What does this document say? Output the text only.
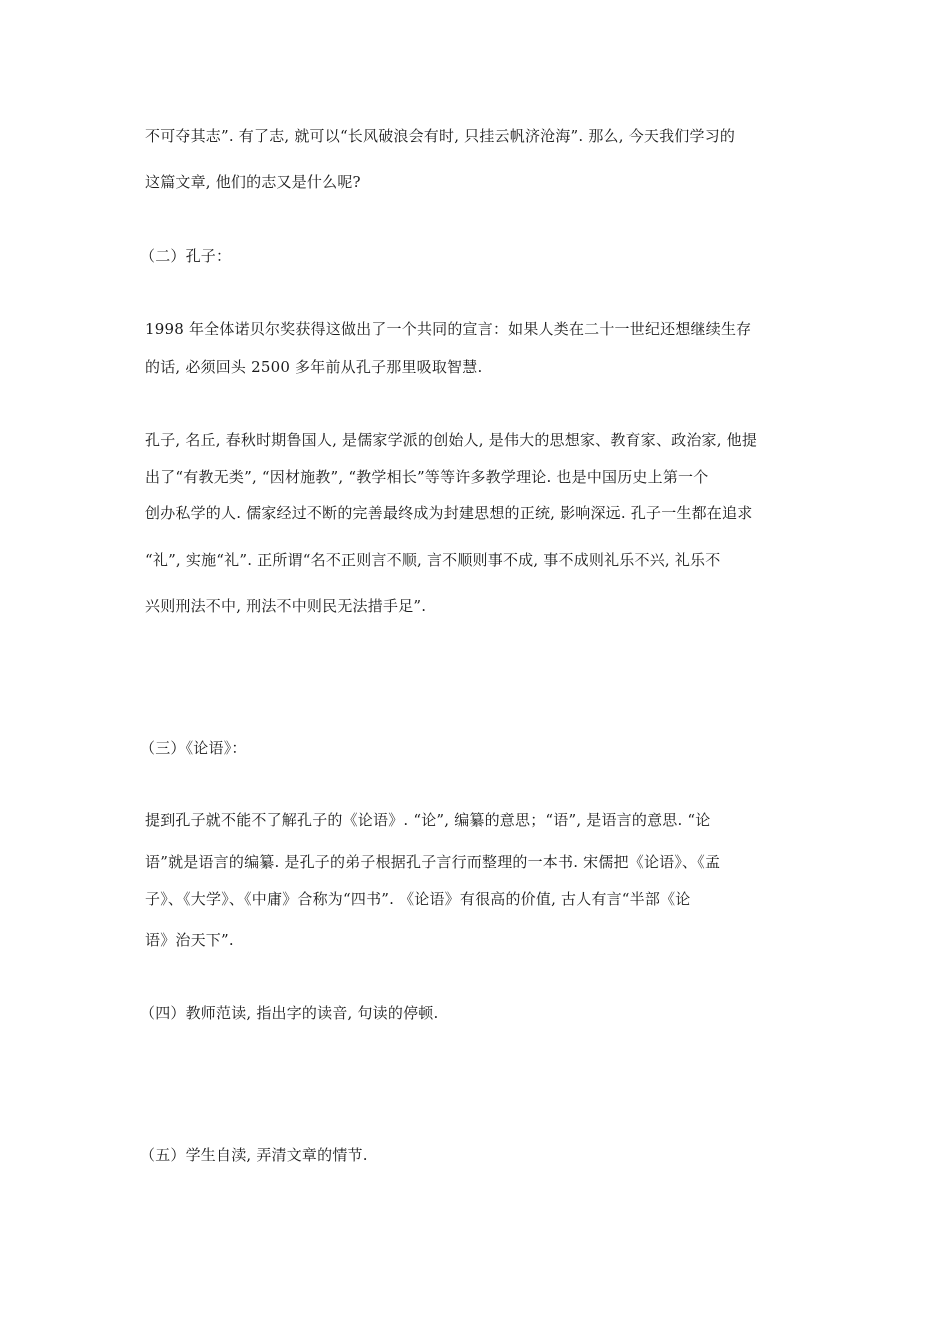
不可夺其志”. 有了志, 就可以“长风破浪会有时, 只挂云帆济沧海”. 那么, 今天我们学习的
这篇文章, 他们的志又是什么呢?
（二）孔子：
1998 年全体诺贝尔奖获得这做出了一个共同的宣言：如果人类在二十一世纪还想继续生存
的话, 必须回头 2500 多年前从孔子那里吸取智慧.
孔子, 名丘, 春秋时期鲁国人, 是儒家学派的创始人, 是伟大的思想家、教育家、政治家, 他提
出了“有教无类”, “因材施教”, “教学相长”等等许多教学理论. 也是中国历史上第一个
创办私学的人. 儒家经过不断的完善最终成为封建思想的正统, 影响深远. 孔子一生都在追求
“礼”, 实施“礼”. 正所谓“名不正则言不顺, 言不顺则事不成, 事不成则礼乐不兴, 礼乐不
兴则刑法不中, 刑法不中则民无法措手足”.
（三）《论语》：
提到孔子就不能不了解孔子的《论语》. “论”, 编纂的意思；“语”, 是语言的意思. “论
语”就是语言的编纂. 是孔子的弟子根据孔子言行而整理的一本书. 宋儒把《论语》、《孟
子》、《大学》、《中庸》合称为“四书”. 《论语》有很高的价值, 古人有言“半部《论
语》治天下”.
（四）教师范读, 指出字的读音, 句读的停顿.
（五）学生自渎, 弄清文章的情节.
